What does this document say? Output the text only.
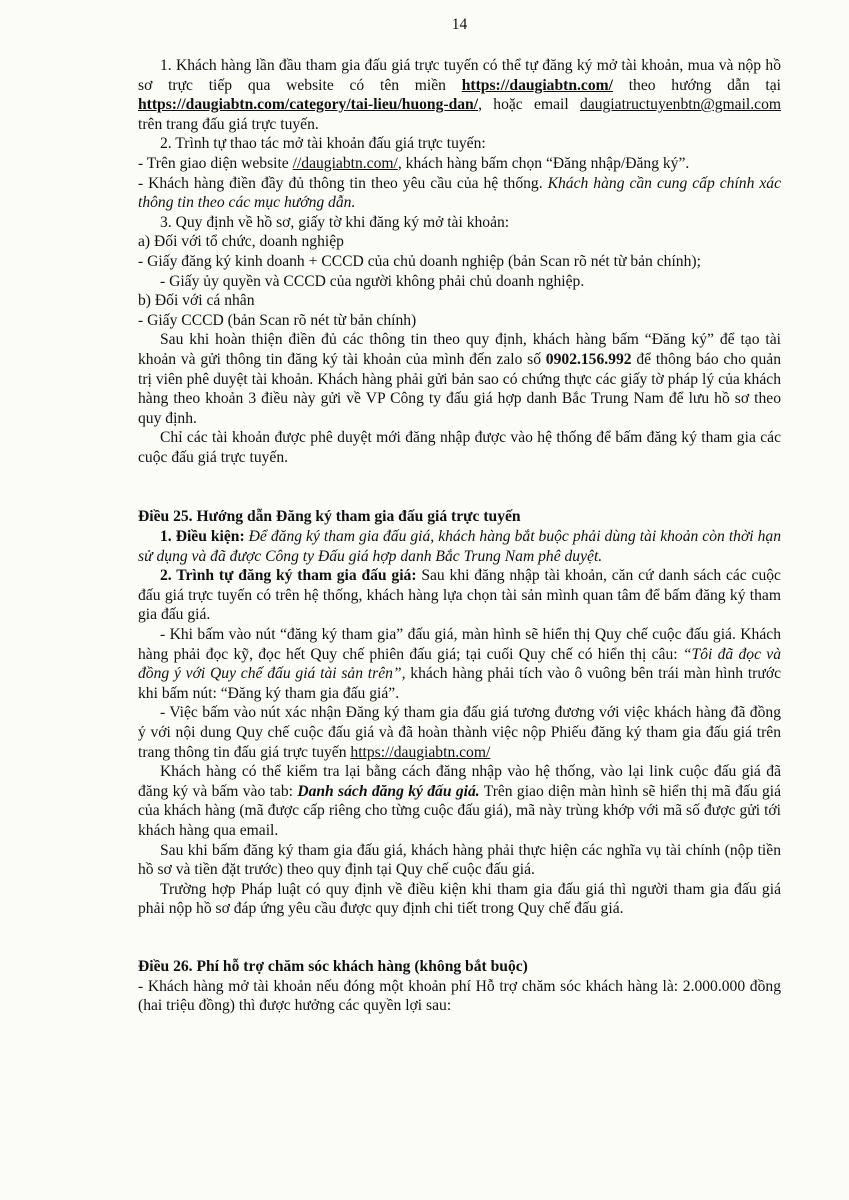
14

1. Khách hàng lần đầu tham gia đấu giá trực tuyến có thể tự đăng ký mở tài khoản, mua và nộp hồ sơ trực tiếp qua website có tên miền https://daugiabtn.com/ theo hướng dẫn tại https://daugiabtn.com/category/tai-lieu/huong-dan/, hoặc email daugiatructuyenbtn@gmail.com trên trang đấu giá trực tuyến.

2. Trình tự thao tác mở tài khoản đấu giá trực tuyến:

- Trên giao diện website //daugiabtn.com/, khách hàng bấm chọn “Đăng nhập/Đăng ký”.

- Khách hàng điền đầy đủ thông tin theo yêu cầu của hệ thống. Khách hàng cần cung cấp chính xác thông tin theo các mục hướng dẫn.

3. Quy định về hồ sơ, giấy tờ khi đăng ký mở tài khoản:

a) Đối với tổ chức, doanh nghiệp

- Giấy đăng ký kinh doanh + CCCD của chủ doanh nghiệp (bản Scan rõ nét từ bản chính);

- Giấy ủy quyền và CCCD của người không phải chủ doanh nghiệp.

b) Đối với cá nhân

- Giấy CCCD (bản Scan rõ nét từ bản chính)

Sau khi hoàn thiện điền đủ các thông tin theo quy định, khách hàng bấm “Đăng ký” để tạo tài khoản và gửi thông tin đăng ký tài khoản của mình đến zalo số 0902.156.992 để thông báo cho quản trị viên phê duyệt tài khoản. Khách hàng phải gửi bản sao có chứng thực các giấy tờ pháp lý của khách hàng theo khoản 3 điều này gửi về VP Công ty đấu giá hợp danh Bắc Trung Nam để lưu hồ sơ theo quy định.

Chỉ các tài khoản được phê duyệt mới đăng nhập được vào hệ thống để bấm đăng ký tham gia các cuộc đấu giá trực tuyến.

Điều 25. Hướng dẫn Đăng ký tham gia đấu giá trực tuyến

1. Điều kiện: Để đăng ký tham gia đấu giá, khách hàng bắt buộc phải dùng tài khoản còn thời hạn sử dụng và đã được Công ty Đấu giá hợp danh Bắc Trung Nam phê duyệt.

2. Trình tự đăng ký tham gia đấu giá: Sau khi đăng nhập tài khoản, căn cứ danh sách các cuộc đấu giá trực tuyến có trên hệ thống, khách hàng lựa chọn tài sản mình quan tâm để bấm đăng ký tham gia đấu giá.

- Khi bấm vào nút “đăng ký tham gia” đấu giá, màn hình sẽ hiển thị Quy chế cuộc đấu giá. Khách hàng phải đọc kỹ, đọc hết Quy chế phiên đấu giá; tại cuối Quy chế có hiển thị câu: “Tôi đã đọc và đồng ý với Quy chế đấu giá tài sản trên”, khách hàng phải tích vào ô vuông bên trái màn hình trước khi bấm nút: “Đăng ký tham gia đấu giá”.

- Việc bấm vào nút xác nhận Đăng ký tham gia đấu giá tương đương với việc khách hàng đã đồng ý với nội dung Quy chế cuộc đấu giá và đã hoàn thành việc nộp Phiếu đăng ký tham gia đấu giá trên trang thông tin đấu giá trực tuyến https://daugiabtn.com/

Khách hàng có thể kiểm tra lại bằng cách đăng nhập vào hệ thống, vào lại link cuộc đấu giá đã đăng ký và bấm vào tab: Danh sách đăng ký đấu giá. Trên giao diện màn hình sẽ hiển thị mã đấu giá của khách hàng (mã được cấp riêng cho từng cuộc đấu giá), mã này trùng khớp với mã số được gửi tới khách hàng qua email.

Sau khi bấm đăng ký tham gia đấu giá, khách hàng phải thực hiện các nghĩa vụ tài chính (nộp tiền hồ sơ và tiền đặt trước) theo quy định tại Quy chế cuộc đấu giá.

Trường hợp Pháp luật có quy định về điều kiện khi tham gia đấu giá thì người tham gia đấu giá phải nộp hồ sơ đáp ứng yêu cầu được quy định chi tiết trong Quy chế đấu giá.

Điều 26. Phí hỗ trợ chăm sóc khách hàng (không bắt buộc)

- Khách hàng mở tài khoản nếu đóng một khoản phí Hỗ trợ chăm sóc khách hàng là: 2.000.000 đồng (hai triệu đồng) thì được hưởng các quyền lợi sau:
